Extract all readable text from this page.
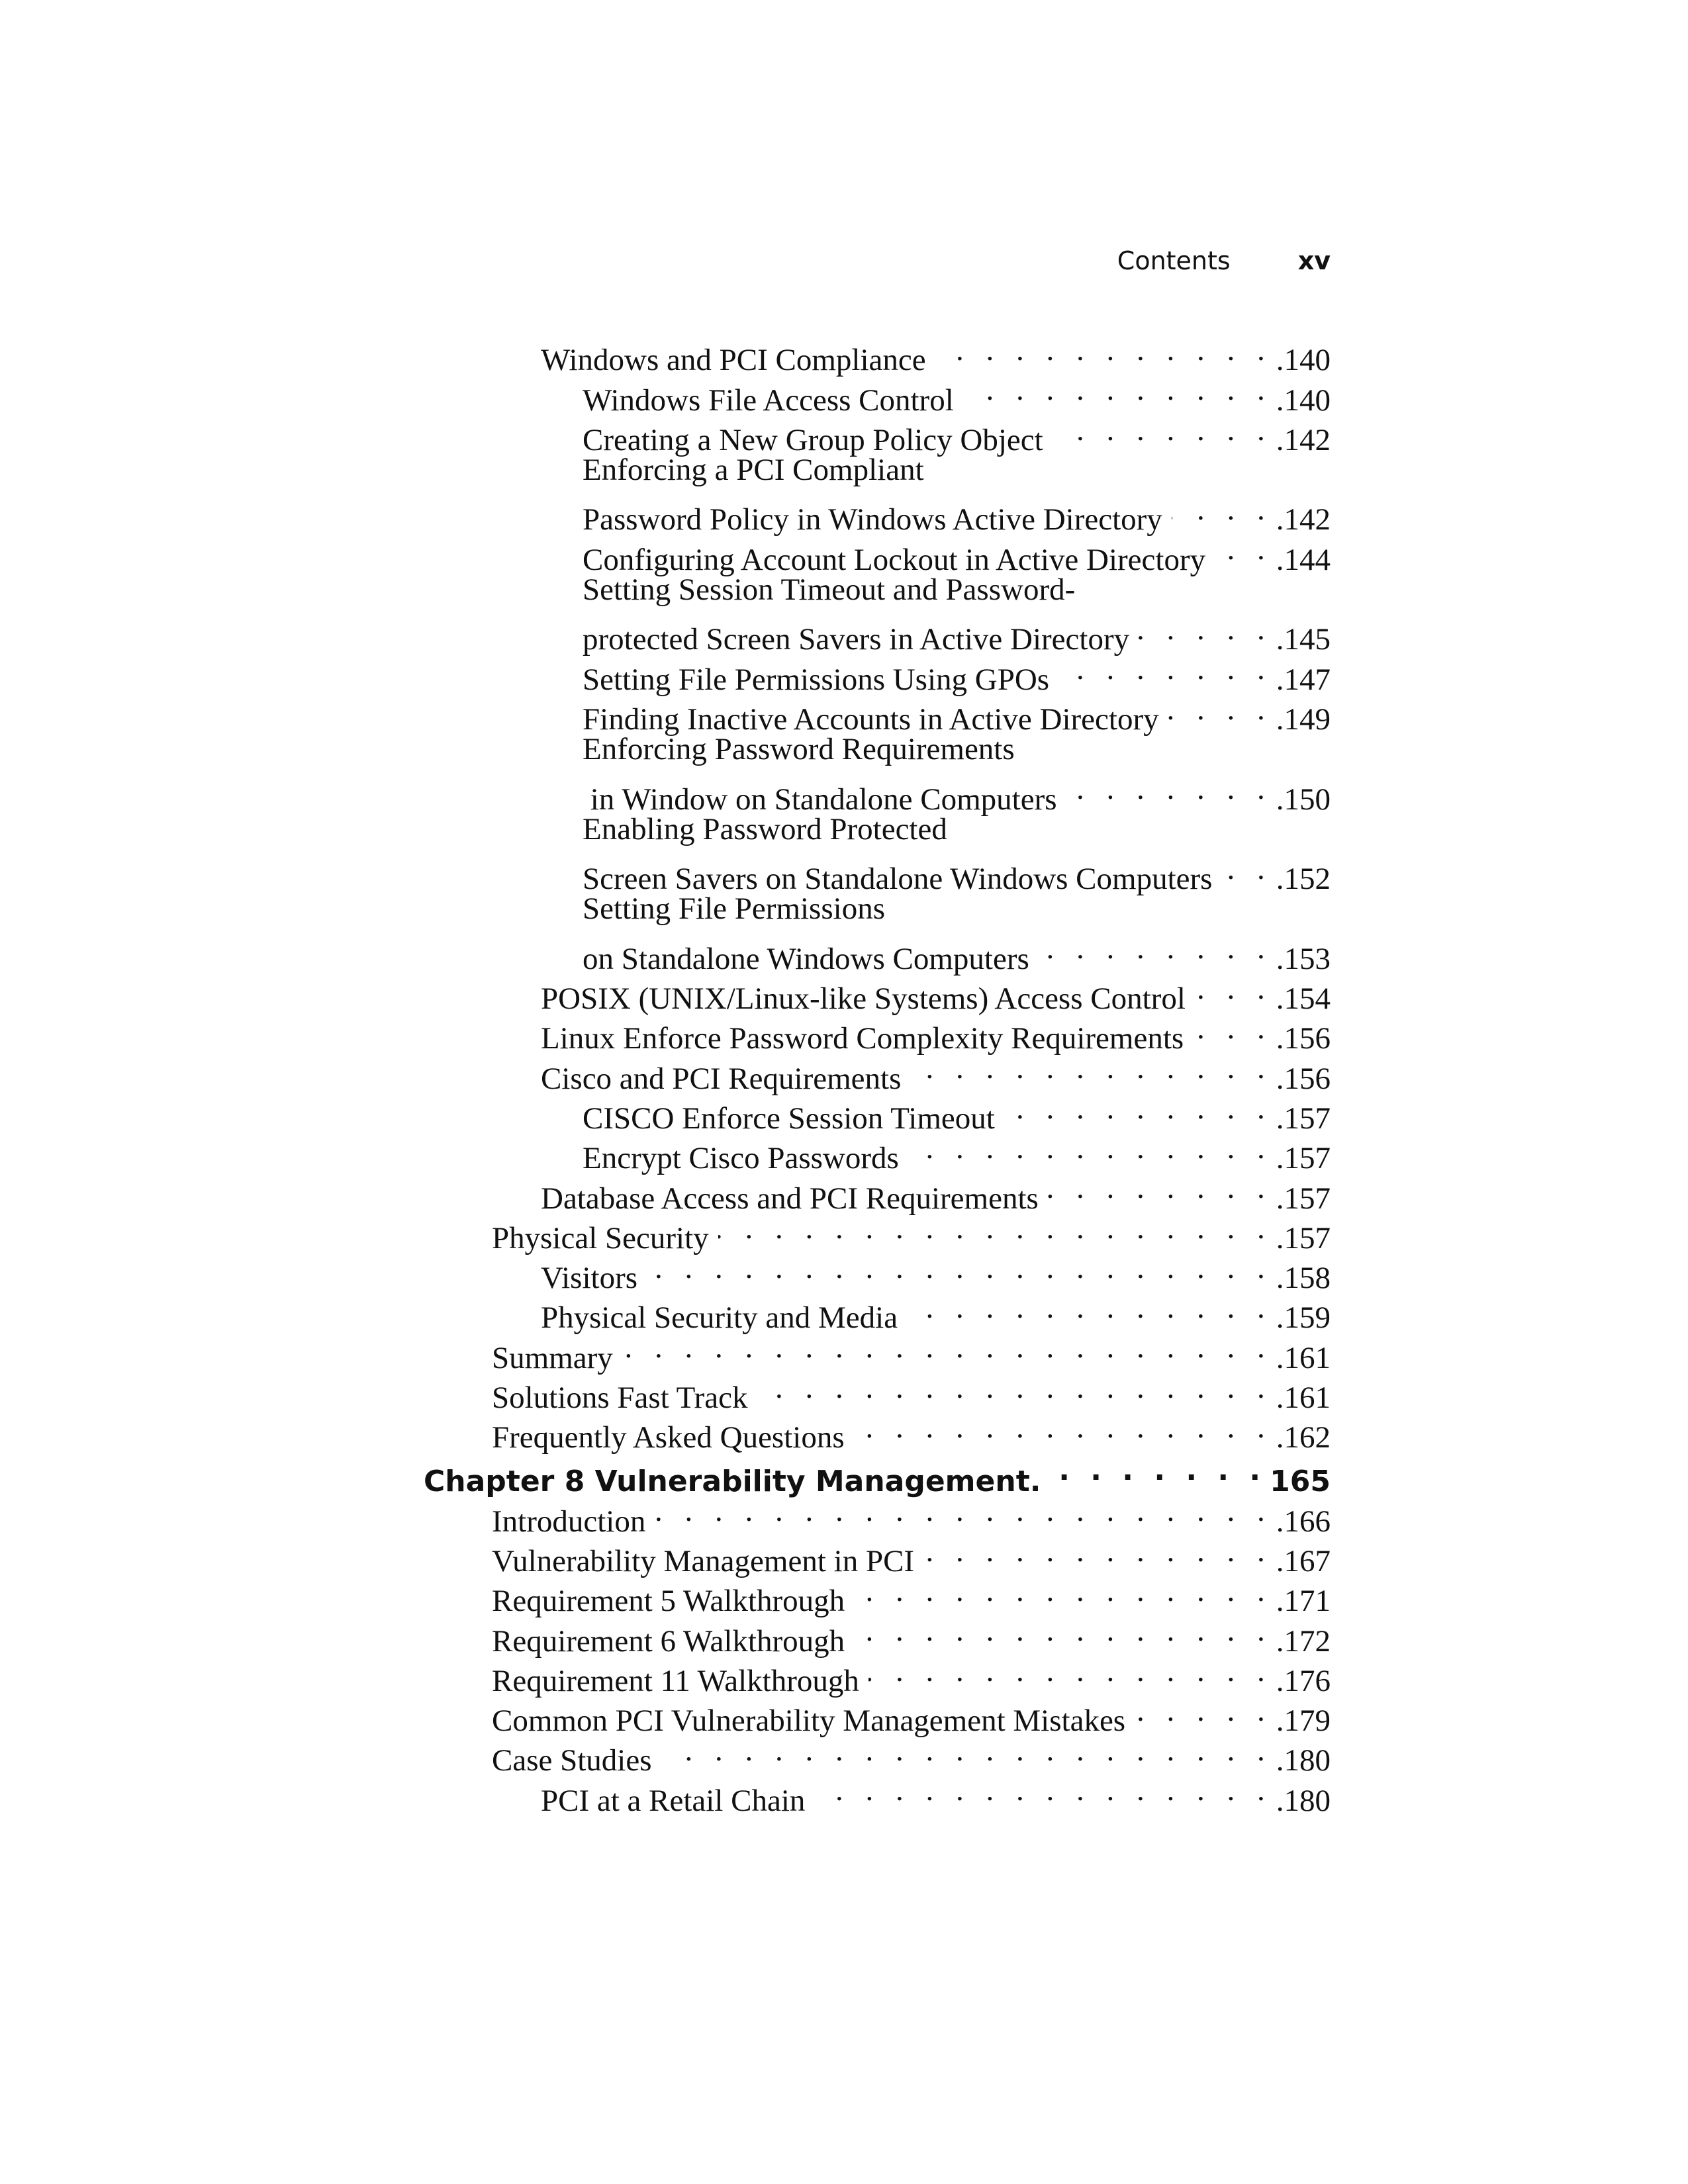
Contents	xv
Windows and PCI Compliance . . .	.140
Windows File Access Control . . .	.140
Creating a New Group Policy Object . . .	.142
Enforcing a PCI Compliant
Password Policy in Windows Active Directory . . .	.142
Configuring Account Lockout in Active Directory . . . .144
Setting Session Timeout and Password-
protected Screen Savers in Active Directory . . .	.145
Setting File Permissions Using GPOs . . .	.147
Finding Inactive Accounts in Active Directory . . .	.149
Enforcing Password Requirements
in Window on Standalone Computers . . .	.150
Enabling Password Protected
Screen Savers on Standalone Windows Computers . . . .152
Setting File Permissions
on Standalone Windows Computers . . .	.153
POSIX (UNIX/Linux-like Systems) Access Control . . .	.154
Linux Enforce Password Complexity Requirements . . .	.156
Cisco and PCI Requirements . . .	.156
CISCO Enforce Session Timeout . . .	.157
Encrypt Cisco Passwords . . .	.157
Database Access and PCI Requirements . . .	.157
Physical Security . . .	.157
Visitors . . .	.158
Physical Security and Media . . .	.159
Summary . . .	.161
Solutions Fast Track . . .	.161
Frequently Asked Questions . . .	.162
Chapter 8 Vulnerability Management. . . .	165
Introduction . . .	.166
Vulnerability Management in PCI . . .	.167
Requirement 5 Walkthrough . . .	.171
Requirement 6 Walkthrough . . .	.172
Requirement 11 Walkthrough . . .	.176
Common PCI Vulnerability Management Mistakes . . .	.179
Case Studies . . .	.180
PCI at a Retail Chain . . .	.180
